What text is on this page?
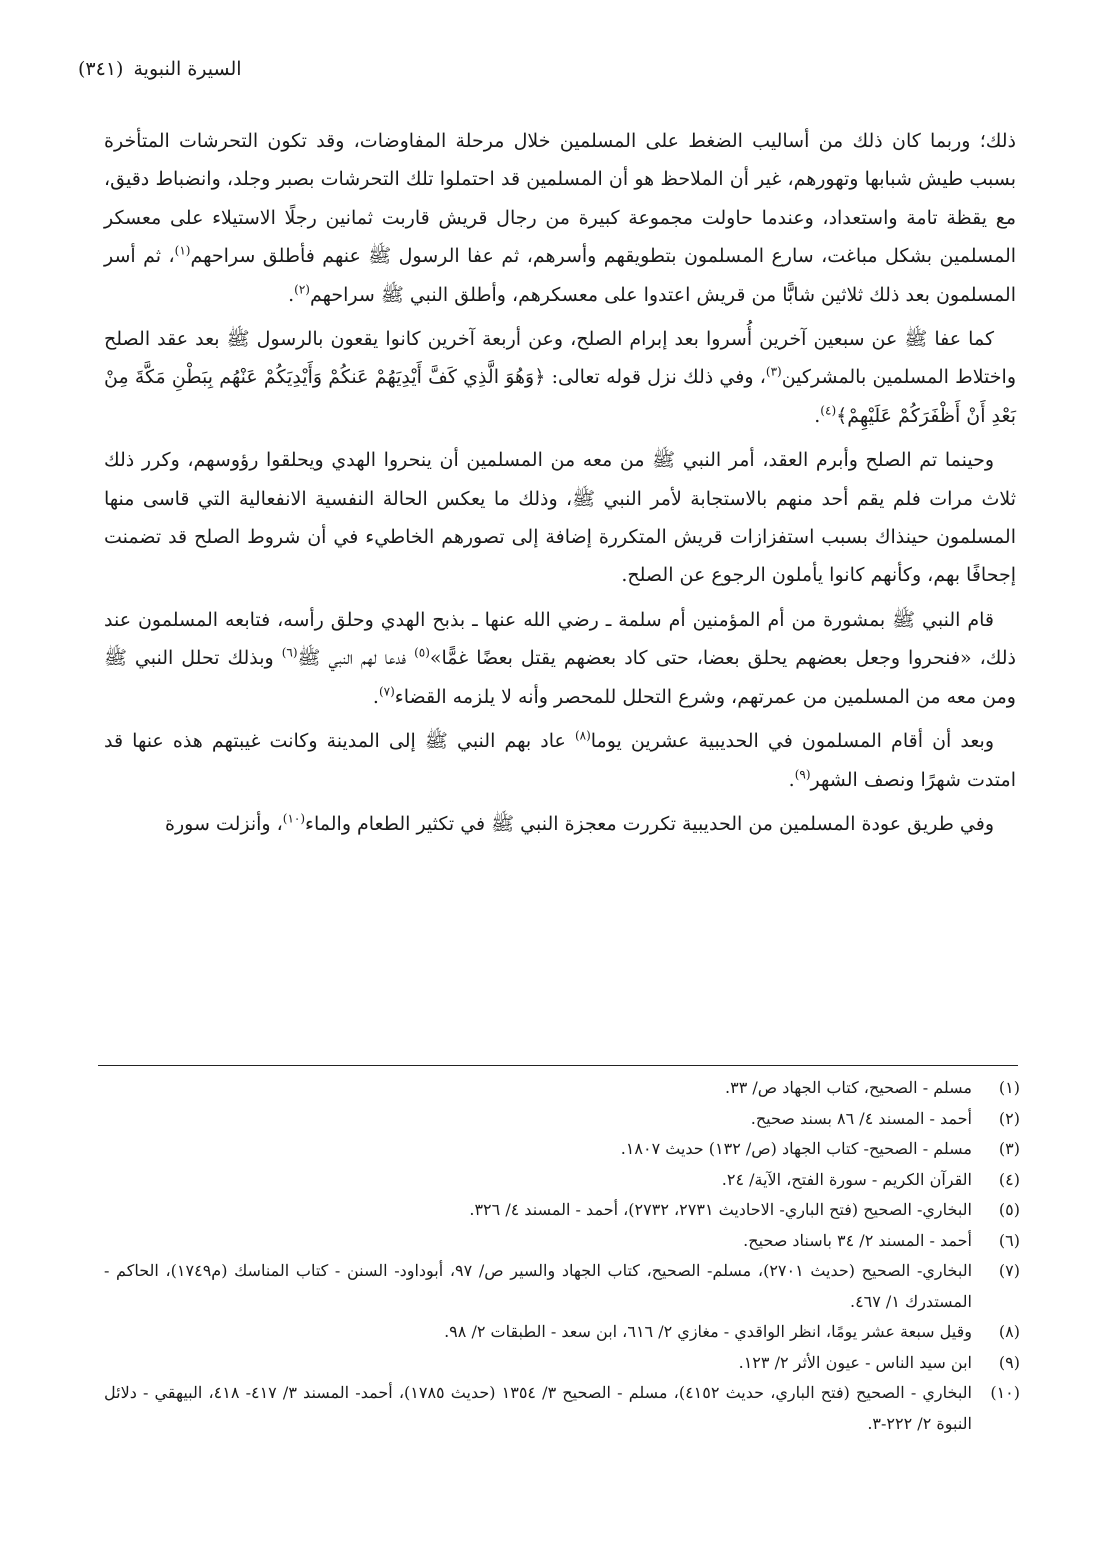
السيرة النبوية(٣٤١)

ذلك؛ وربما كان ذلك من أساليب الضغط على المسلمين خلال مرحلة المفاوضات، وقد تكون التحرشات المتأخرة بسبب طيش شبابها وتهورهم، غير أن الملاحظ هو أن المسلمين قد احتملوا تلك التحرشات بصبر وجلد، وانضباط دقيق، مع يقظة تامة واستعداد، وعندما حاولت مجموعة كبيرة من رجال قريش قاربت ثمانين رجلًا الاستيلاء على معسكر المسلمين بشكل مباغت، سارع المسلمون بتطويقهم وأسرهم، ثم عفا الرسول ﷺ عنهم فأطلق سراحهم$^{(١)}$، ثم أسر المسلمون بعد ذلك ثلاثين شابًّا من قريش اعتدوا على معسكرهم، وأطلق النبي ﷺ سراحهم$^{(٢)}$.

كما عفا ﷺ عن سبعين آخرين أُسروا بعد إبرام الصلح، وعن أربعة آخرين كانوا يقعون بالرسول ﷺ بعد عقد الصلح واختلاط المسلمين بالمشركين$^{(٣)}$، وفي ذلك نزل قوله تعالى: ﴿وَهُوَ الَّذِي كَفَّ أَيْدِيَهُمْ عَنكُمْ وَأَيْدِيَكُمْ عَنْهُم بِبَطْنِ مَكَّةَ مِنْ بَعْدِ أَنْ أَظْفَرَكُمْ عَلَيْهِمْ﴾$^{(٤)}$.

وحينما تم الصلح وأبرم العقد، أمر النبي ﷺ من معه من المسلمين أن ينحروا الهدي ويحلقوا رؤوسهم، وكرر ذلك ثلاث مرات فلم يقم أحد منهم بالاستجابة لأمر النبي ﷺ، وذلك ما يعكس الحالة النفسية الانفعالية التي قاسى منها المسلمون حينذاك بسبب استفزازات قريش المتكررة إضافة إلى تصورهم الخاطيء في أن شروط الصلح قد تضمنت إجحافًا بهم، وكأنهم كانوا يأملون الرجوع عن الصلح.

قام النبي ﷺ بمشورة من أم المؤمنين أم سلمة ـ رضي الله عنها ـ بذبح الهدي وحلق رأسه، فتابعه المسلمون عند ذلك، «فنحروا وجعل بعضهم يحلق بعضا، حتى كاد بعضهم يقتل بعضًا غمًّا»$^{(٥)}$ فدعا لهم النبي ﷺ$^{(٦)}$ وبذلك تحلل النبي ﷺ ومن معه من المسلمين من عمرتهم، وشرع التحلل للمحصر وأنه لا يلزمه القضاء$^{(٧)}$.

وبعد أن أقام المسلمون في الحديبية عشرين يوما$^{(٨)}$ عاد بهم النبي ﷺ إلى المدينة وكانت غيبتهم هذه عنها قد امتدت شهرًا ونصف الشهر$^{(٩)}$.

وفي طريق عودة المسلمين من الحديبية تكررت معجزة النبي ﷺ في تكثير الطعام والماء$^{(١٠)}$، وأنزلت سورة

(١)
مسلم - الصحيح، كتاب الجهاد ص/ ٣٣.
(٢)
أحمد - المسند ٤/ ٨٦ بسند صحيح.
(٣)
مسلم - الصحيح- كتاب الجهاد (ص/ ١٣٢) حديث ١٨٠٧.
(٤)
القرآن الكريم - سورة الفتح، الآية/ ٢٤.
(٥)
البخاري- الصحيح (فتح الباري- الاحاديث ٢٧٣١، ٢٧٣٢)، أحمد - المسند ٤/ ٣٢٦.
(٦)
أحمد - المسند ٢/ ٣٤ باسناد صحيح.
(٧)
البخاري- الصحيح (حديث ٢٧٠١)، مسلم- الصحيح، كتاب الجهاد والسير ص/ ٩٧، أبوداود- السنن - كتاب المناسك (م١٧٤٩)، الحاكم - المستدرك ١/ ٤٦٧.
(٨)
وقيل سبعة عشر يومًا، انظر الواقدي - مغازي ٢/ ٦١٦، ابن سعد - الطبقات ٢/ ٩٨.
(٩)
ابن سيد الناس - عيون الأثر ٢/ ١٢٣.
(١٠)
البخاري - الصحيح (فتح الباري، حديث ٤١٥٢)، مسلم - الصحيح ٣/ ١٣٥٤ (حديث ١٧٨٥)، أحمد- المسند ٣/ ٤١٧- ٤١٨، البيهقي - دلائل النبوة ٢/ ٢٢٢-٣.
